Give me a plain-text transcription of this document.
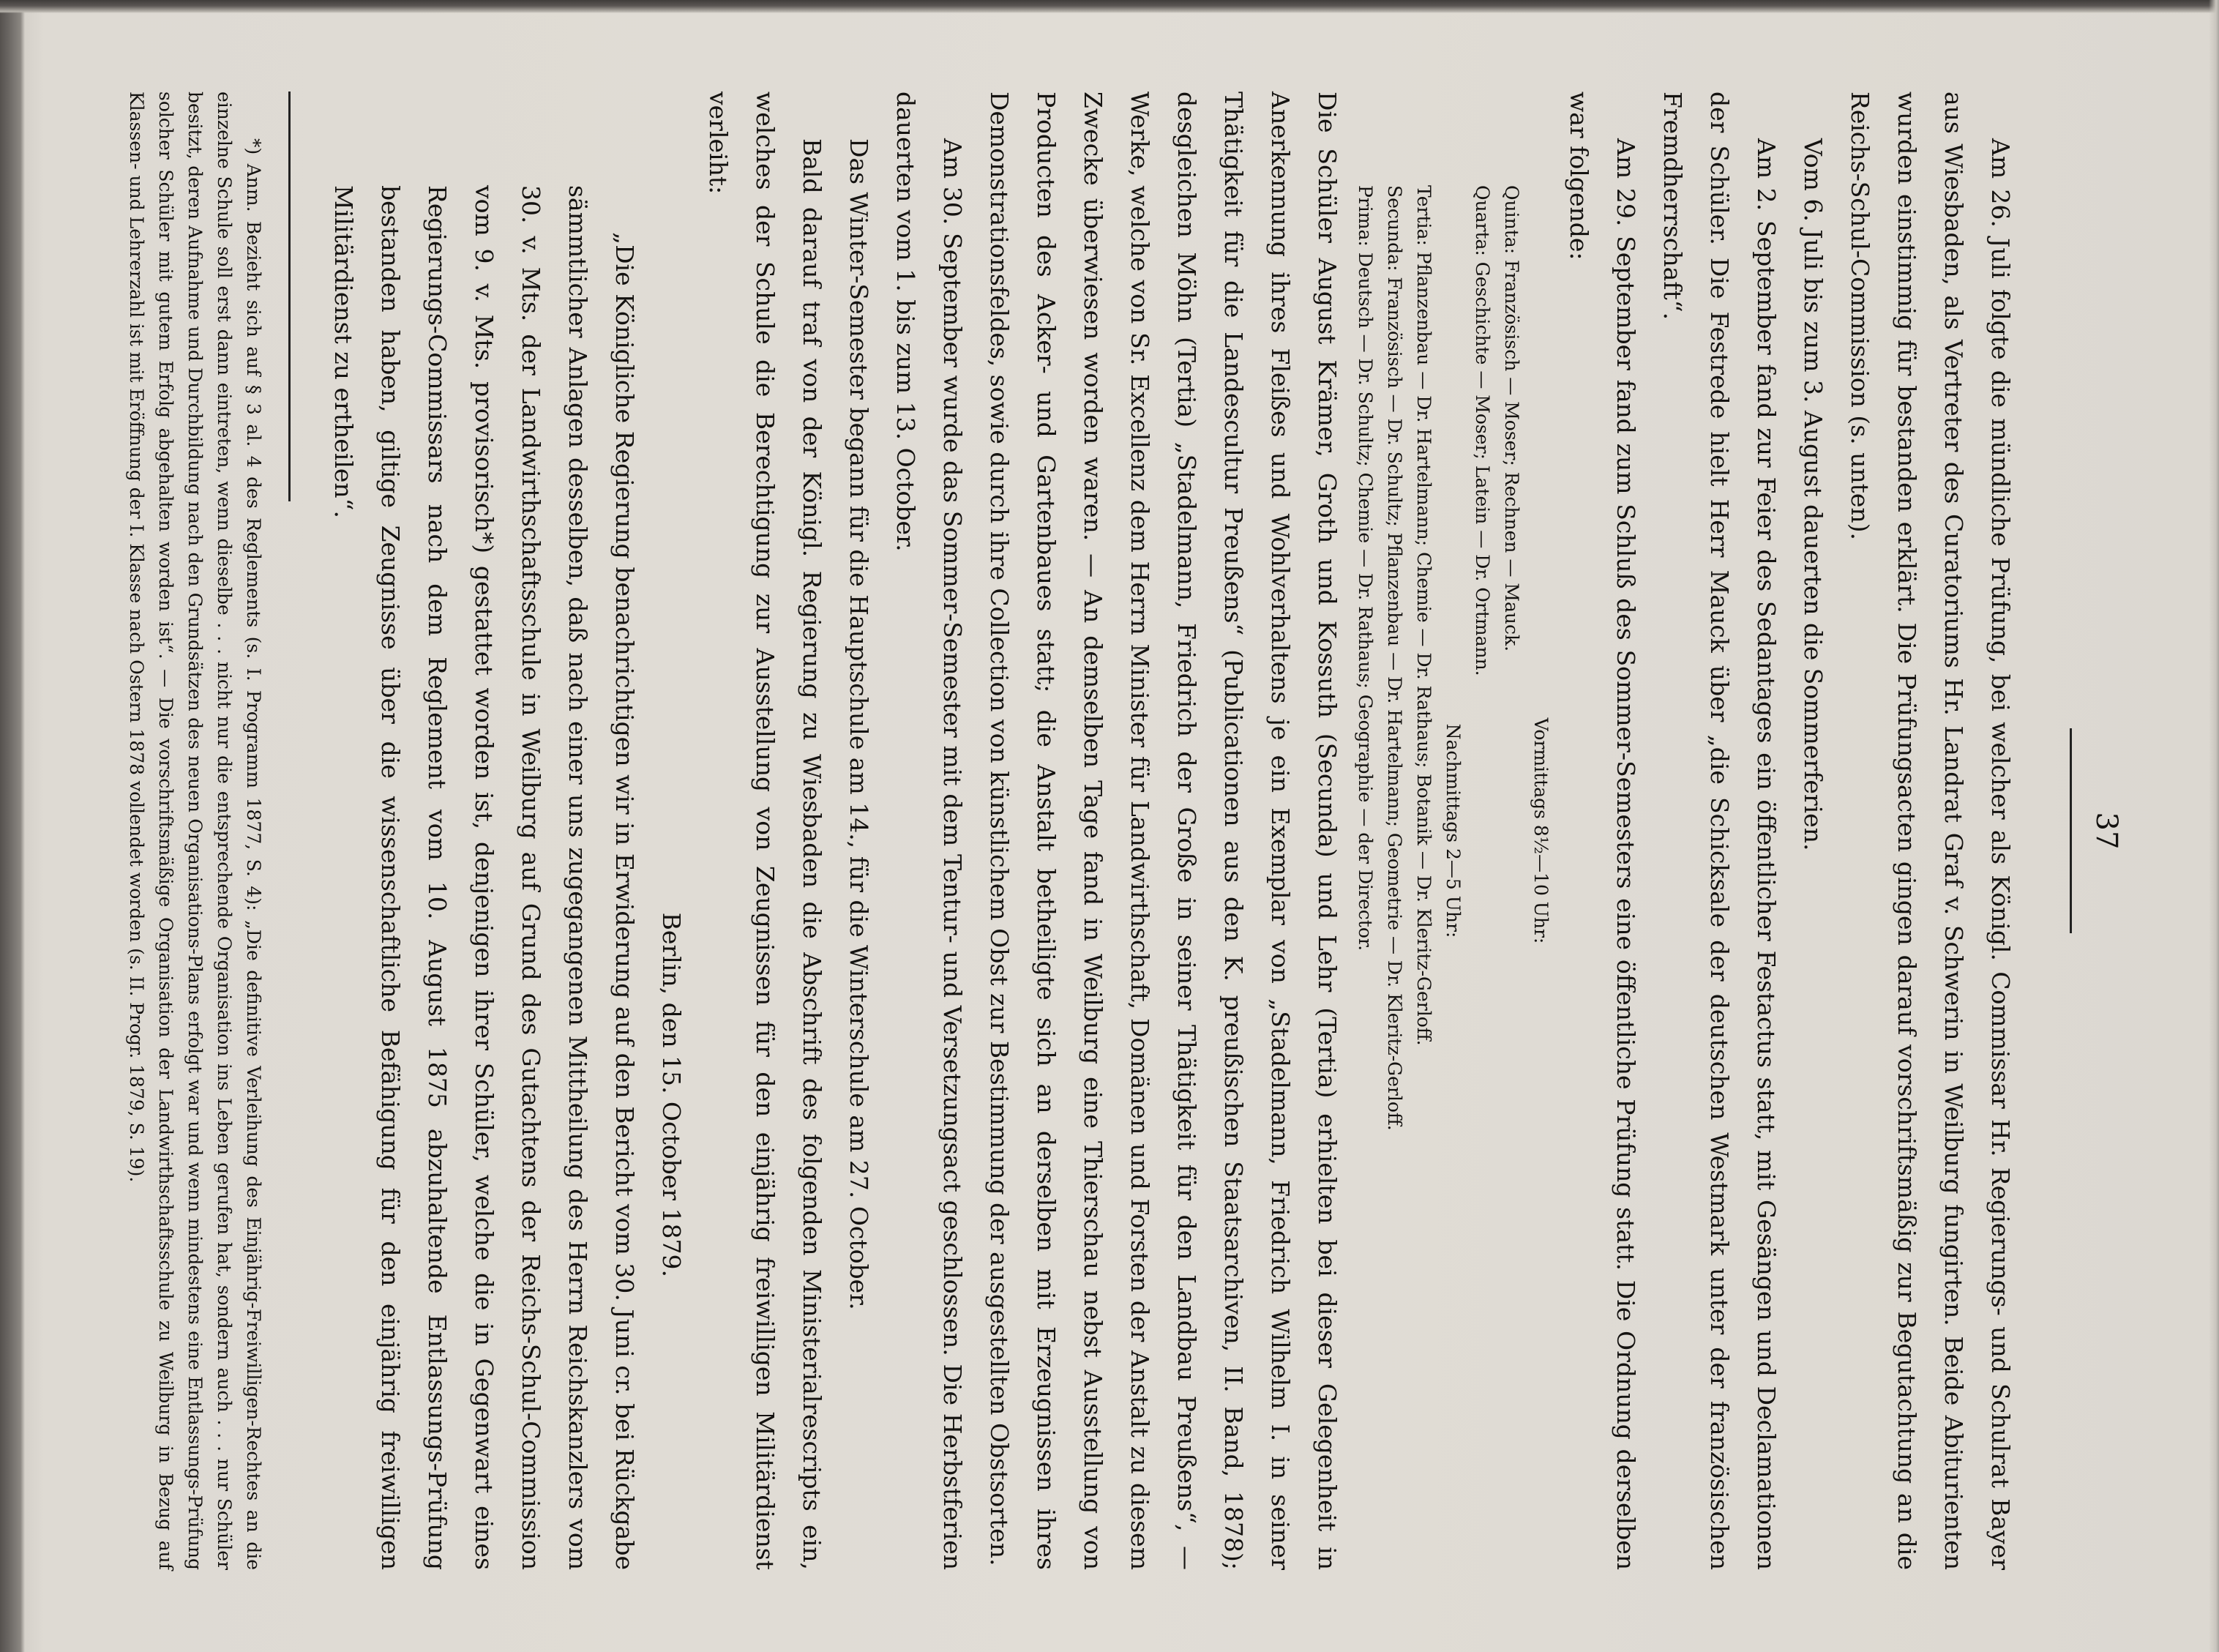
37

Am 26. Juli folgte die mündliche Prüfung, bei welcher als Königl. Commissar Hr. Regierungs- und Schulrat Bayer aus Wiesbaden, als Vertreter des Curatoriums Hr. Landrat Graf v. Schwerin in Weilburg fungirten. Beide Abiturienten wurden einstimmig für bestanden erklärt. Die Prüfungsacten gingen darauf vorschriftsmäßig zur Begutachtung an die Reichs-Schul-Commission (s. unten).

Vom 6. Juli bis zum 3. August dauerten die Sommerferien.

Am 2. September fand zur Feier des Sedantages ein öffentlicher Festactus statt, mit Gesängen und Declamationen der Schüler. Die Festrede hielt Herr Mauck über „die Schicksale der deutschen Westmark unter der französischen Fremdherrschaft“.

Am 29. September fand zum Schluß des Sommer-Semesters eine öffentliche Prüfung statt. Die Ordnung derselben war folgende:

Vormittags 8½—10 Uhr:

Quinta: Französisch — Moser; Rechnen — Mauck.

Quarta: Geschichte — Moser; Latein — Dr. Ortmann.

Nachmittags 2—5 Uhr:

Tertia: Pflanzenbau — Dr. Hartelmann; Chemie — Dr. Rathaus; Botanik — Dr. Kleritz-Gerloff.

Secunda: Französisch — Dr. Schultz; Pflanzenbau — Dr. Hartelmann; Geometrie — Dr. Kleritz-Gerloff.

Prima: Deutsch — Dr. Schultz; Chemie — Dr. Rathaus; Geographie — der Director.

Die Schüler August Krämer, Groth und Kossuth (Secunda) und Lehr (Tertia) erhielten bei dieser Gelegenheit in Anerkennung ihres Fleißes und Wohlverhaltens je ein Exemplar von „Stadelmann, Friedrich Wilhelm I. in seiner Thätigkeit für die Landescultur Preußens“ (Publicationen aus den K. preußischen Staatsarchiven, II. Band, 1878); desgleichen Möhn (Tertia) „Stadelmann, Friedrich der Große in seiner Thätigkeit für den Landbau Preußens“, — Werke, welche von Sr. Excellenz dem Herrn Minister für Landwirthschaft, Domänen und Forsten der Anstalt zu diesem Zwecke überwiesen worden waren. — An demselben Tage fand in Weilburg eine Thierschau nebst Ausstellung von Producten des Acker- und Gartenbaues statt; die Anstalt betheiligte sich an derselben mit Erzeugnissen ihres Demonstrationsfeldes, sowie durch ihre Collection von künstlichem Obst zur Bestimmung der ausgestellten Obstsorten.

Am 30. September wurde das Sommer-Semester mit dem Tentur- und Versetzungsact geschlossen. Die Herbstferien dauerten vom 1. bis zum 13. October.

Das Winter-Semester begann für die Hauptschule am 14., für die Winterschule am 27. October.

Bald darauf traf von der Königl. Regierung zu Wiesbaden die Abschrift des folgenden Ministerialrescripts ein, welches der Schule die Berechtigung zur Ausstellung von Zeugnissen für den einjährig freiwilligen Militärdienst verleiht:

Berlin, den 15. October 1879.

„Die Königliche Regierung benachrichtigen wir in Erwiderung auf den Bericht vom 30. Juni cr. bei Rückgabe sämmtlicher Anlagen desselben, daß nach einer uns zugegangenen Mittheilung des Herrn Reichskanzlers vom 30. v. Mts. der Landwirthschaftsschule in Weilburg auf Grund des Gutachtens der Reichs-Schul-Commission vom 9. v. Mts. provisorisch*) gestattet worden ist, denjenigen ihrer Schüler, welche die in Gegenwart eines Regierungs-Commissars nach dem Reglement vom 10. August 1875 abzuhaltende Entlassungs-Prüfung bestanden haben, giltige Zeugnisse über die wissenschaftliche Befähigung für den einjährig freiwilligen Militärdienst zu ertheilen“.

*) Anm. Bezieht sich auf § 3 al. 4 des Reglements (s. I. Programm 1877, S. 4): „Die definitive Verleihung des Einjährig-Freiwilligen-Rechtes an die einzelne Schule soll erst dann eintreten, wenn dieselbe . . . nicht nur die entsprechende Organisation ins Leben gerufen hat, sondern auch . . . nur Schüler besitzt, deren Aufnahme und Durchbildung nach den Grundsätzen des neuen Organisations-Plans erfolgt war und wenn mindestens eine Entlassungs-Prüfung solcher Schüler mit gutem Erfolg abgehalten worden ist“. — Die vorschriftsmäßige Organisation der Landwirthschaftsschule zu Weilburg in Bezug auf Klassen- und Lehrerzahl ist mit Eröffnung der I. Klasse nach Ostern 1878 vollendet worden (s. II. Progr. 1879, S. 19).
